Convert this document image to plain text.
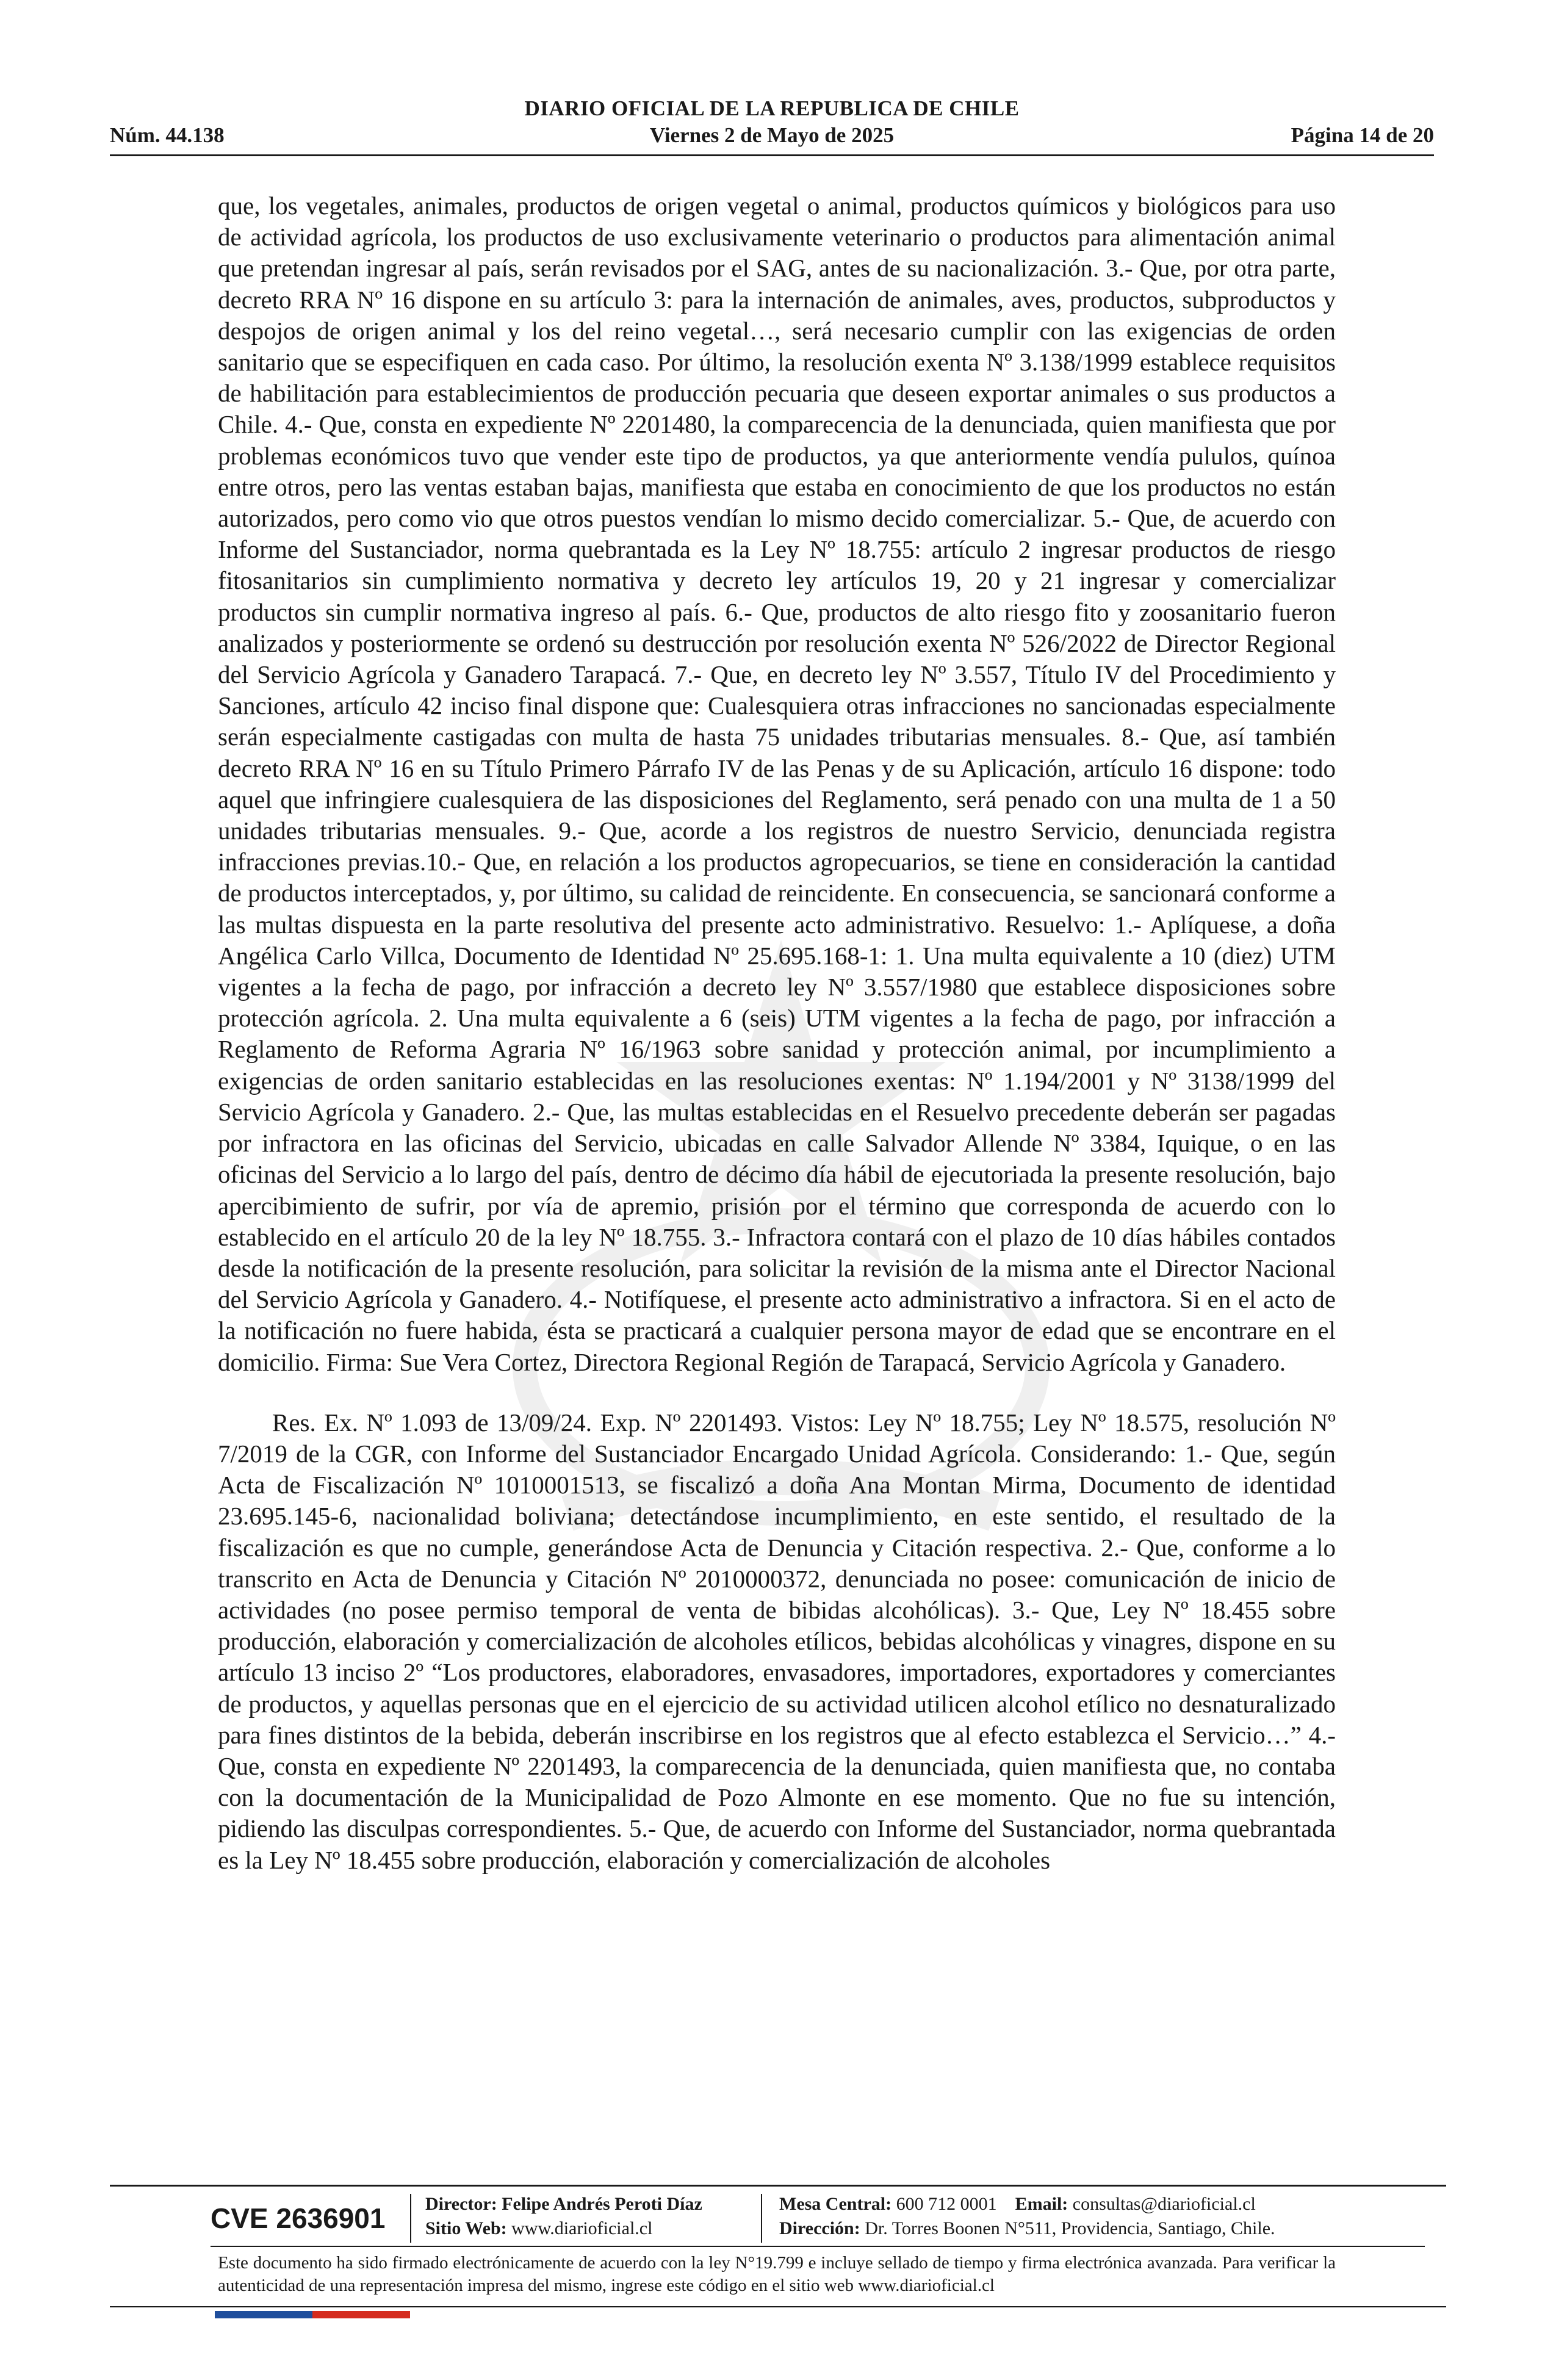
DIARIO OFICIAL DE LA REPUBLICA DE CHILE
Núm. 44.138	Viernes 2 de Mayo de 2025	Página 14 de 20

que, los vegetales, animales, productos de origen vegetal o animal, productos químicos y biológicos para uso de actividad agrícola, los productos de uso exclusivamente veterinario o productos para alimentación animal que pretendan ingresar al país, serán revisados por el SAG, antes de su nacionalización. 3.- Que, por otra parte, decreto RRA Nº 16 dispone en su artículo 3: para la internación de animales, aves, productos, subproductos y despojos de origen animal y los del reino vegetal…, será necesario cumplir con las exigencias de orden sanitario que se especifiquen en cada caso. Por último, la resolución exenta Nº 3.138/1999 establece requisitos de habilitación para establecimientos de producción pecuaria que deseen exportar animales o sus productos a Chile. 4.- Que, consta en expediente Nº 2201480, la comparecencia de la denunciada, quien manifiesta que por problemas económicos tuvo que vender este tipo de productos, ya que anteriormente vendía pululos, quínoa entre otros, pero las ventas estaban bajas, manifiesta que estaba en conocimiento de que los productos no están autorizados, pero como vio que otros puestos vendían lo mismo decido comercializar. 5.- Que, de acuerdo con Informe del Sustanciador, norma quebrantada es la Ley Nº 18.755: artículo 2 ingresar productos de riesgo fitosanitarios sin cumplimiento normativa y decreto ley artículos 19, 20 y 21 ingresar y comercializar productos sin cumplir normativa ingreso al país. 6.- Que, productos de alto riesgo fito y zoosanitario fueron analizados y posteriormente se ordenó su destrucción por resolución exenta Nº 526/2022 de Director Regional del Servicio Agrícola y Ganadero Tarapacá. 7.- Que, en decreto ley Nº 3.557, Título IV del Procedimiento y Sanciones, artículo 42 inciso final dispone que: Cualesquiera otras infracciones no sancionadas especialmente serán especialmente castigadas con multa de hasta 75 unidades tributarias mensuales. 8.- Que, así también decreto RRA Nº 16 en su Título Primero Párrafo IV de las Penas y de su Aplicación, artículo 16 dispone: todo aquel que infringiere cualesquiera de las disposiciones del Reglamento, será penado con una multa de 1 a 50 unidades tributarias mensuales. 9.- Que, acorde a los registros de nuestro Servicio, denunciada registra infracciones previas.10.- Que, en relación a los productos agropecuarios, se tiene en consideración la cantidad de productos interceptados, y, por último, su calidad de reincidente. En consecuencia, se sancionará conforme a las multas dispuesta en la parte resolutiva del presente acto administrativo. Resuelvo: 1.- Aplíquese, a doña Angélica Carlo Villca, Documento de Identidad Nº 25.695.168-1: 1. Una multa equivalente a 10 (diez) UTM vigentes a la fecha de pago, por infracción a decreto ley Nº 3.557/1980 que establece disposiciones sobre protección agrícola. 2. Una multa equivalente a 6 (seis) UTM vigentes a la fecha de pago, por infracción a Reglamento de Reforma Agraria Nº 16/1963 sobre sanidad y protección animal, por incumplimiento a exigencias de orden sanitario establecidas en las resoluciones exentas: Nº 1.194/2001 y Nº 3138/1999 del Servicio Agrícola y Ganadero. 2.- Que, las multas establecidas en el Resuelvo precedente deberán ser pagadas por infractora en las oficinas del Servicio, ubicadas en calle Salvador Allende Nº 3384, Iquique, o en las oficinas del Servicio a lo largo del país, dentro de décimo día hábil de ejecutoriada la presente resolución, bajo apercibimiento de sufrir, por vía de apremio, prisión por el término que corresponda de acuerdo con lo establecido en el artículo 20 de la ley Nº 18.755. 3.- Infractora contará con el plazo de 10 días hábiles contados desde la notificación de la presente resolución, para solicitar la revisión de la misma ante el Director Nacional del Servicio Agrícola y Ganadero. 4.- Notifíquese, el presente acto administrativo a infractora. Si en el acto de la notificación no fuere habida, ésta se practicará a cualquier persona mayor de edad que se encontrare en el domicilio. Firma: Sue Vera Cortez, Directora Regional Región de Tarapacá, Servicio Agrícola y Ganadero.

Res. Ex. Nº 1.093 de 13/09/24. Exp. Nº 2201493. Vistos: Ley Nº 18.755; Ley Nº 18.575, resolución Nº 7/2019 de la CGR, con Informe del Sustanciador Encargado Unidad Agrícola. Considerando: 1.- Que, según Acta de Fiscalización Nº 1010001513, se fiscalizó a doña Ana Montan Mirma, Documento de identidad 23.695.145-6, nacionalidad boliviana; detectándose incumplimiento, en este sentido, el resultado de la fiscalización es que no cumple, generándose Acta de Denuncia y Citación respectiva. 2.- Que, conforme a lo transcrito en Acta de Denuncia y Citación Nº 2010000372, denunciada no posee: comunicación de inicio de actividades (no posee permiso temporal de venta de bibidas alcohólicas). 3.- Que, Ley Nº 18.455 sobre producción, elaboración y comercialización de alcoholes etílicos, bebidas alcohólicas y vinagres, dispone en su artículo 13 inciso 2º “Los productores, elaboradores, envasadores, importadores, exportadores y comerciantes de productos, y aquellas personas que en el ejercicio de su actividad utilicen alcohol etílico no desnaturalizado para fines distintos de la bebida, deberán inscribirse en los registros que al efecto establezca el Servicio…” 4.- Que, consta en expediente Nº 2201493, la comparecencia de la denunciada, quien manifiesta que, no contaba con la documentación de la Municipalidad de Pozo Almonte en ese momento. Que no fue su intención, pidiendo las disculpas correspondientes. 5.- Que, de acuerdo con Informe del Sustanciador, norma quebrantada es la Ley Nº 18.455 sobre producción, elaboración y comercialización de alcoholes

CVE 2636901	Director: Felipe Andrés Peroti Díaz
Sitio Web: www.diarioficial.cl
Mesa Central: 600 712 0001 Email: consultas@diarioficial.cl
Dirección: Dr. Torres Boonen N°511, Providencia, Santiago, Chile.
Este documento ha sido firmado electrónicamente de acuerdo con la ley N°19.799 e incluye sellado de tiempo y firma electrónica avanzada. Para verificar la autenticidad de una representación impresa del mismo, ingrese este código en el sitio web www.diarioficial.cl
